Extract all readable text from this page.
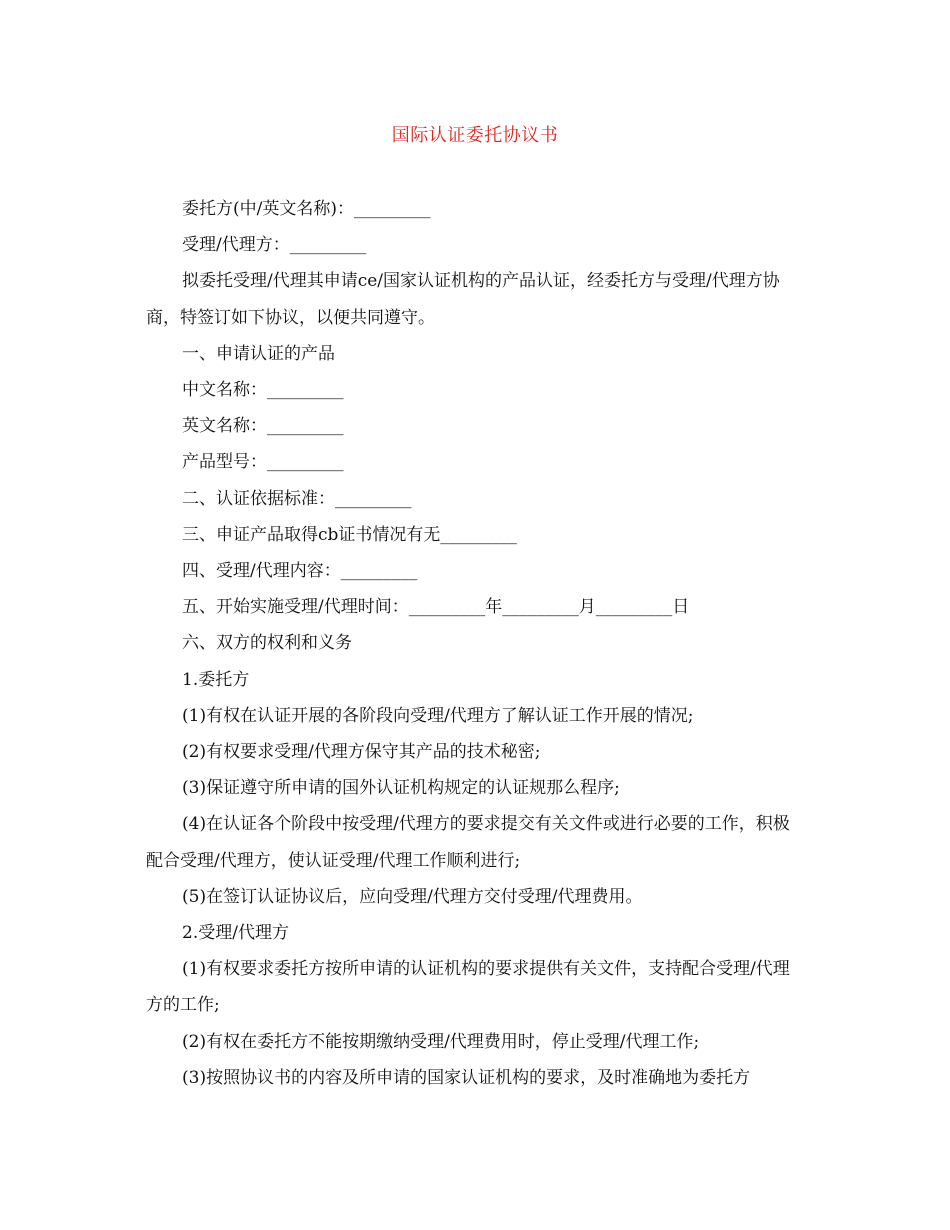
国际认证委托协议书

委托方(中/英文名称)：_________

受理/代理方：_________

拟委托受理/代理其申请ce/国家认证机构的产品认证，经委托方与受理/代理方协商，特签订如下协议，以便共同遵守。

一、申请认证的产品

中文名称：_________

英文名称：_________

产品型号：_________

二、认证依据标准：_________

三、申证产品取得cb证书情况有无_________

四、受理/代理内容：_________

五、开始实施受理/代理时间：_________年_________月_________日

六、双方的权利和义务

1.委托方

(1)有权在认证开展的各阶段向受理/代理方了解认证工作开展的情况;

(2)有权要求受理/代理方保守其产品的技术秘密;

(3)保证遵守所申请的国外认证机构规定的认证规那么程序;

(4)在认证各个阶段中按受理/代理方的要求提交有关文件或进行必要的工作，积极配合受理/代理方，使认证受理/代理工作顺利进行;

(5)在签订认证协议后，应向受理/代理方交付受理/代理费用。

2.受理/代理方

(1)有权要求委托方按所申请的认证机构的要求提供有关文件，支持配合受理/代理方的工作;

(2)有权在委托方不能按期缴纳受理/代理费用时，停止受理/代理工作;

(3)按照协议书的内容及所申请的国家认证机构的要求，及时准确地为委托方
